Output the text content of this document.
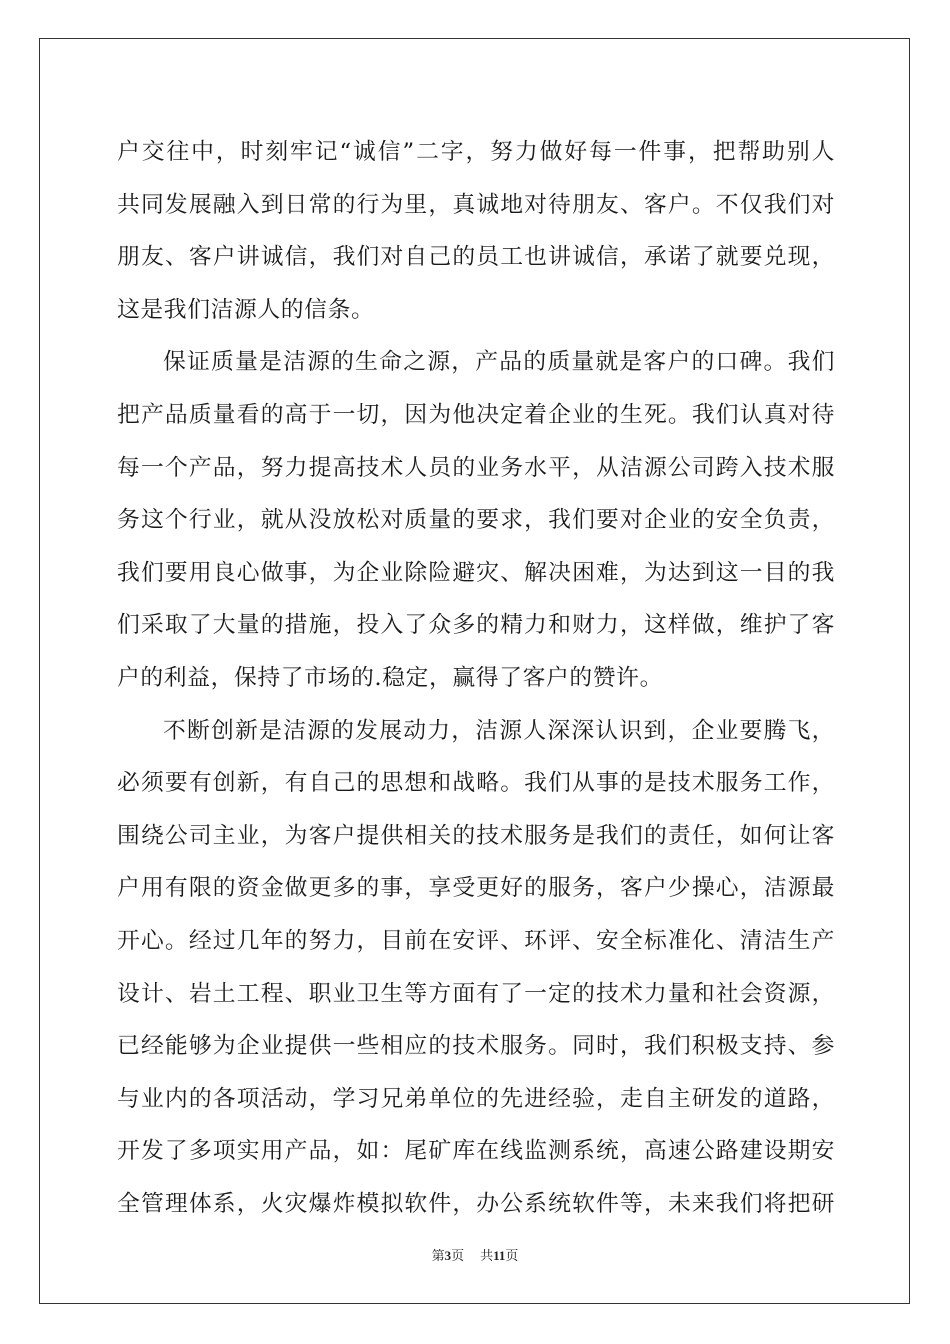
户交往中，时刻牢记“诚信”二字，努力做好每一件事，把帮助别人
共同发展融入到日常的行为里，真诚地对待朋友、客户。不仅我们对
朋友、客户讲诚信，我们对自己的员工也讲诚信，承诺了就要兑现，
这是我们洁源人的信条。
保证质量是洁源的生命之源，产品的质量就是客户的口碑。我们
把产品质量看的高于一切，因为他决定着企业的生死。我们认真对待
每一个产品，努力提高技术人员的业务水平，从洁源公司跨入技术服
务这个行业，就从没放松对质量的要求，我们要对企业的安全负责，
我们要用良心做事，为企业除险避灾、解决困难，为达到这一目的我
们采取了大量的措施，投入了众多的精力和财力，这样做，维护了客
户的利益，保持了市场的.稳定，赢得了客户的赞许。
不断创新是洁源的发展动力，洁源人深深认识到，企业要腾飞，
必须要有创新，有自己的思想和战略。我们从事的是技术服务工作，
围绕公司主业，为客户提供相关的技术服务是我们的责任，如何让客
户用有限的资金做更多的事，享受更好的服务，客户少操心，洁源最
开心。经过几年的努力，目前在安评、环评、安全标准化、清洁生产
设计、岩土工程、职业卫生等方面有了一定的技术力量和社会资源，
已经能够为企业提供一些相应的技术服务。同时，我们积极支持、参
与业内的各项活动，学习兄弟单位的先进经验，走自主研发的道路，
开发了多项实用产品，如：尾矿库在线监测系统，高速公路建设期安
全管理体系，火灾爆炸模拟软件，办公系统软件等，未来我们将把研
第3页 共11页
